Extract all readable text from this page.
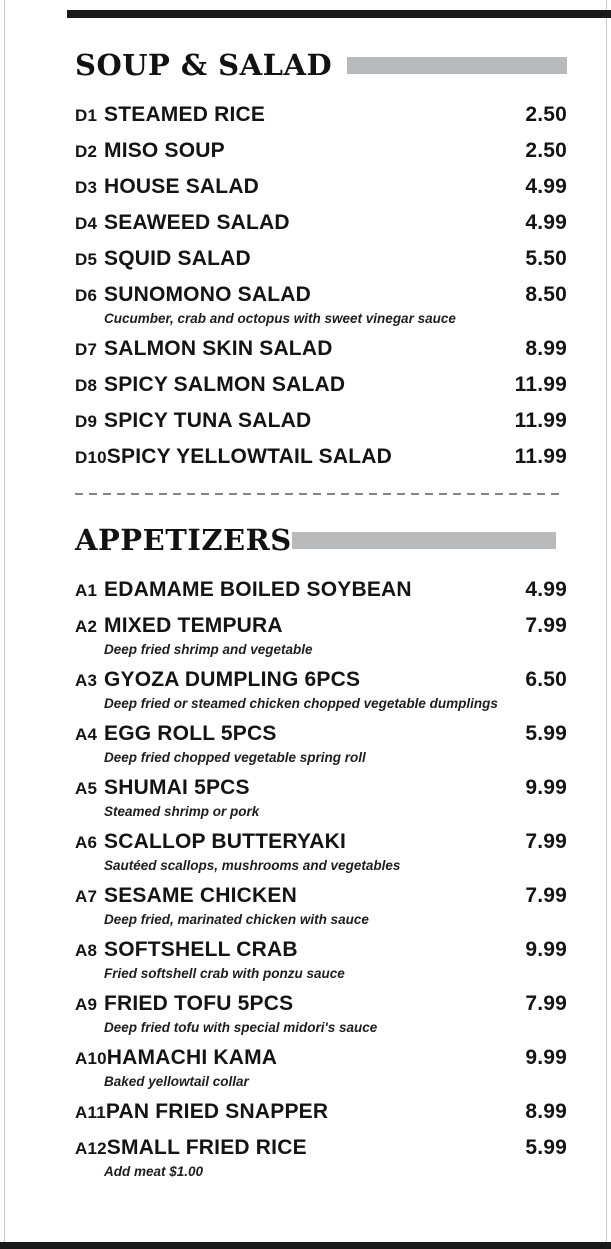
SOUP & SALAD
D1 STEAMED RICE	2.50
D2 MISO SOUP	2.50
D3 HOUSE SALAD	4.99
D4 SEAWEED SALAD	4.99
D5 SQUID SALAD	5.50
D6 SUNOMONO SALAD	8.50
Cucumber, crab and octopus with sweet vinegar sauce
D7 SALMON SKIN SALAD	8.99
D8 SPICY SALMON SALAD	11.99
D9 SPICY TUNA SALAD	11.99
D10 SPICY YELLOWTAIL SALAD	11.99
APPETIZERS
A1 EDAMAME BOILED SOYBEAN	4.99
A2 MIXED TEMPURA	7.99
Deep fried shrimp and vegetable
A3 GYOZA DUMPLING 6PCS	6.50
Deep fried or steamed chicken chopped vegetable dumplings
A4 EGG ROLL 5PCS	5.99
Deep fried chopped vegetable spring roll
A5 SHUMAI 5PCS	9.99
Steamed shrimp or pork
A6 SCALLOP BUTTERYAKI	7.99
Sautéed scallops, mushrooms and vegetables
A7 SESAME CHICKEN	7.99
Deep fried, marinated chicken with sauce
A8 SOFTSHELL CRAB	9.99
Fried softshell crab with ponzu sauce
A9 FRIED TOFU 5PCS	7.99
Deep fried tofu with special midori's sauce
A10 HAMACHI KAMA	9.99
Baked yellowtail collar
A11 PAN FRIED SNAPPER	8.99
A12 SMALL FRIED RICE	5.99
Add meat $1.00
